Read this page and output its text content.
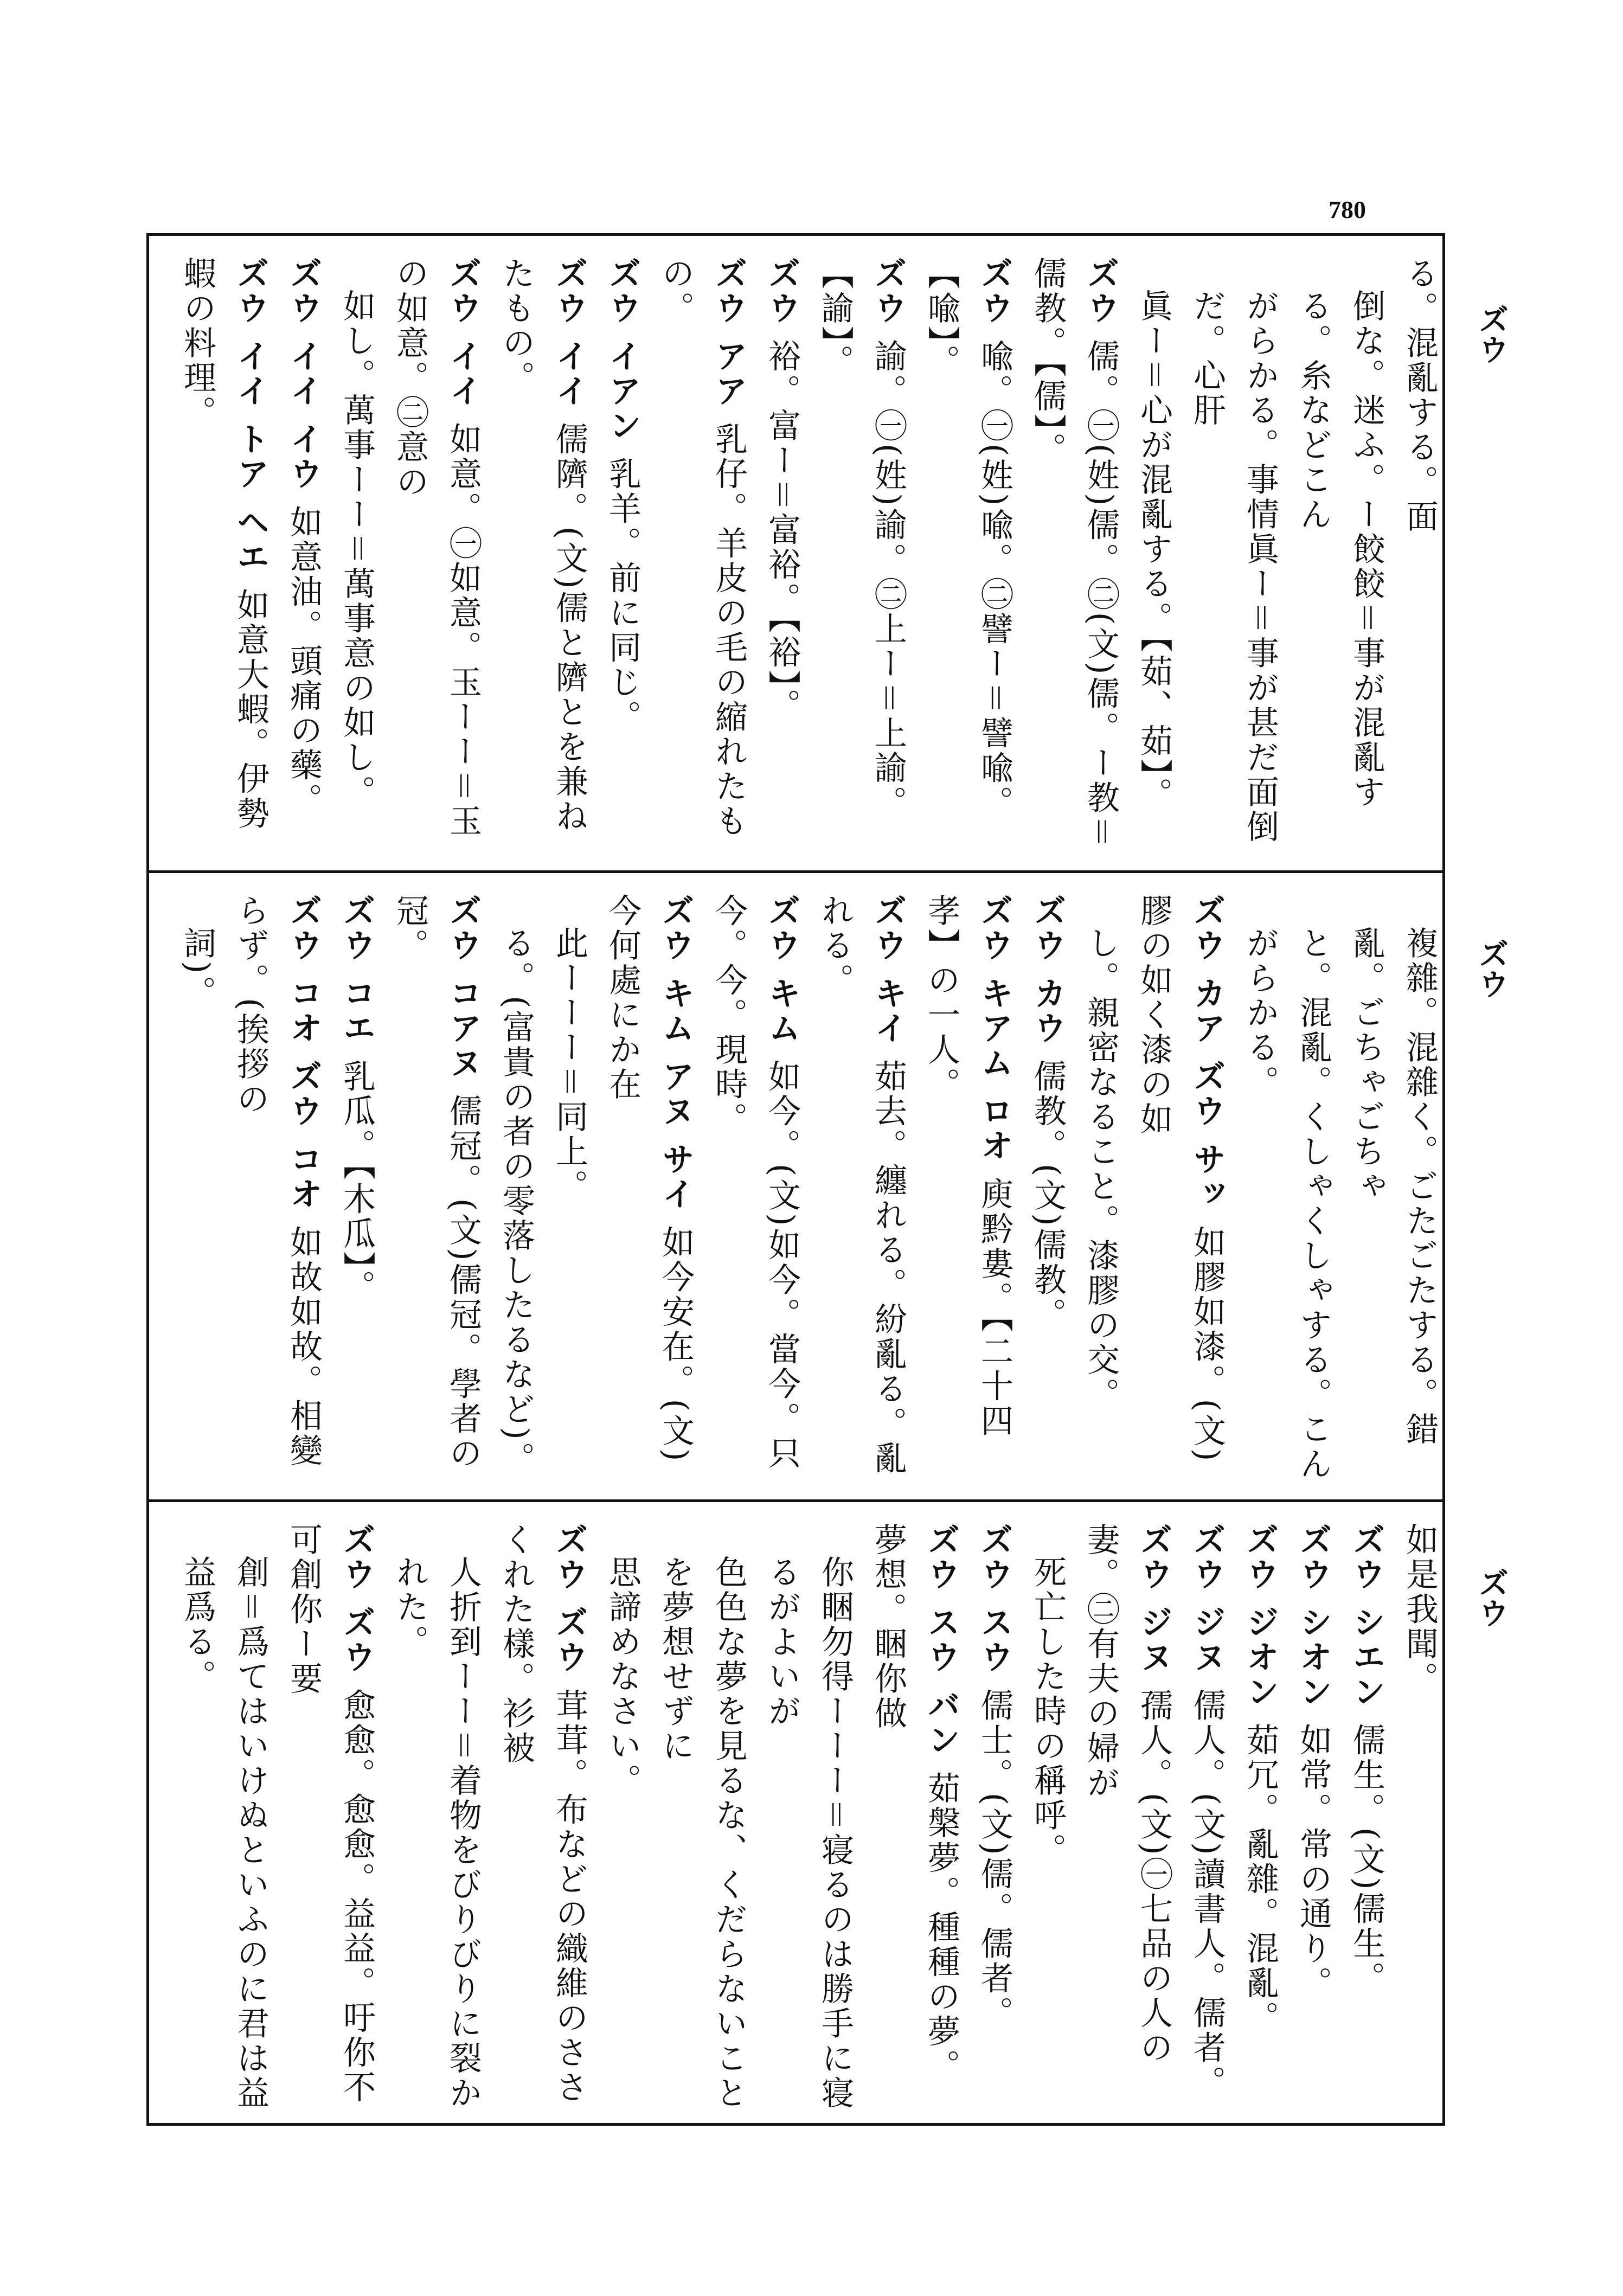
780
ズウ
ズウ
ズウ

る。混亂する。面

倒な。迷ふ。ー餃餃＝事が混亂する。糸などこん

がらかる。事情眞ー＝事が甚だ面倒だ。心肝

眞ー＝心が混亂する。【茹、茹】。

ズウ 儒。㊀(姓)儒。㊁(文)儒。ー教＝儒教。【儒】。

ズウ 喩。㊀(姓)喩。㊁譬ー＝譬喩。【喩】。

ズウ 諭。㊀(姓)諭。㊁上ー＝上諭。【諭】。

ズウ 裕。富ー＝富裕。【裕】。

ズウ アア 乳仔。羊皮の毛の縮れたもの。

ズウ イアン 乳羊。前に同じ。

ズウ イイ 儒隮。(文)儒と隮とを兼ねたもの。

ズウ イイ 如意。㊀如意。玉ーー＝玉の如意。㊁意の

如し。萬事ーー＝萬事意の如し。

ズウ イイ イウ 如意油。頭痛の藥。

ズウ イイ トア ヘエ 如意大蝦。伊勢蝦の料理。

複雜。混雜く。ごたごたする。錯亂。ごちゃごちゃ

と。混亂。くしゃくしゃする。こんがらかる。

ズウ カア ズウ サッ 如膠如漆。(文)膠の如く漆の如

し。親密なること。漆膠の交。

ズウ カウ 儒教。(文)儒教。

ズウ キアム ロオ 庾黔婁。【二十四孝】の一人。

ズウ キイ 茹去。纏れる。紛亂る。亂れる。

ズウ キム 如今。(文)如今。當今。只今。今。現時。

ズウ キム アヌ サイ 如今安在。(文)今何處にか在

此ーーー＝同上。

る。(富貴の者の零落したるなど)。

ズウ コアヌ 儒冠。(文)儒冠。學者の冠。

ズウ コエ 乳瓜。【木瓜】。

ズウ コオ ズウ コオ 如故如故。相變らず。(挨拶の

詞)。

如是我聞。

ズウ シエン 儒生。(文)儒生。

ズウ シオン 如常。常の通り。

ズウ ジオン 茹冗。亂雜。混亂。

ズウ ジヌ 儒人。(文)讀書人。儒者。

ズウ ジヌ 孺人。(文)㊀七品の人の妻。㊁有夫の婦が

死亡した時の稱呼。

ズウ スウ 儒士。(文)儒。儒者。

ズウ スウ バン 茹槃夢。種種の夢。夢想。睏你做

你睏勿得ーーー＝寝るのは勝手に寝るがよいが

色色な夢を見るな、くだらないことを夢想せずに

思諦めなさい。

ズウ ズウ 茸茸。布などの織維のささくれた樣。衫被

人折到ーー＝着物をびりびりに裂かれた。

ズウ ズウ 愈愈。愈愈。益益。吁你不可創你ー要

創＝爲てはいけぬといふのに君は益益爲る。
